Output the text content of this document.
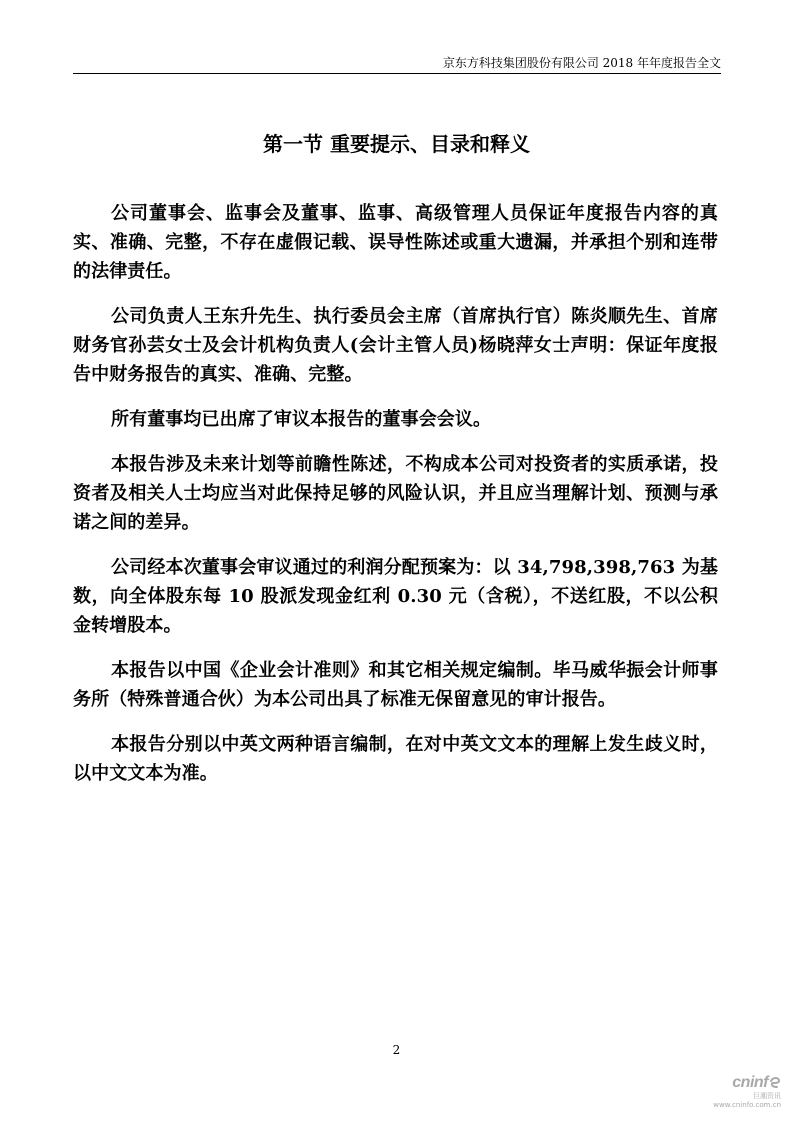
京东方科技集团股份有限公司 2018 年年度报告全文
第一节 重要提示、目录和释义

公司董事会、监事会及董事、监事、高级管理人员保证年度报告内容的真实、准确、完整，不存在虚假记载、误导性陈述或重大遗漏，并承担个别和连带的法律责任。

公司负责人王东升先生、执行委员会主席（首席执行官）陈炎顺先生、首席财务官孙芸女士及会计机构负责人(会计主管人员)杨晓萍女士声明：保证年度报告中财务报告的真实、准确、完整。

所有董事均已出席了审议本报告的董事会会议。

本报告涉及未来计划等前瞻性陈述，不构成本公司对投资者的实质承诺，投资者及相关人士均应当对此保持足够的风险认识，并且应当理解计划、预测与承诺之间的差异。

公司经本次董事会审议通过的利润分配预案为：以 34,798,398,763 为基数，向全体股东每 10 股派发现金红利 0.30 元（含税），不送红股，不以公积金转增股本。

本报告以中国《企业会计准则》和其它相关规定编制。毕马威华振会计师事务所（特殊普通合伙）为本公司出具了标准无保留意见的审计报告。

本报告分别以中英文两种语言编制，在对中英文文本的理解上发生歧义时，以中文文本为准。

2
cninf
巨潮资讯
www.cninfo.com.cn
